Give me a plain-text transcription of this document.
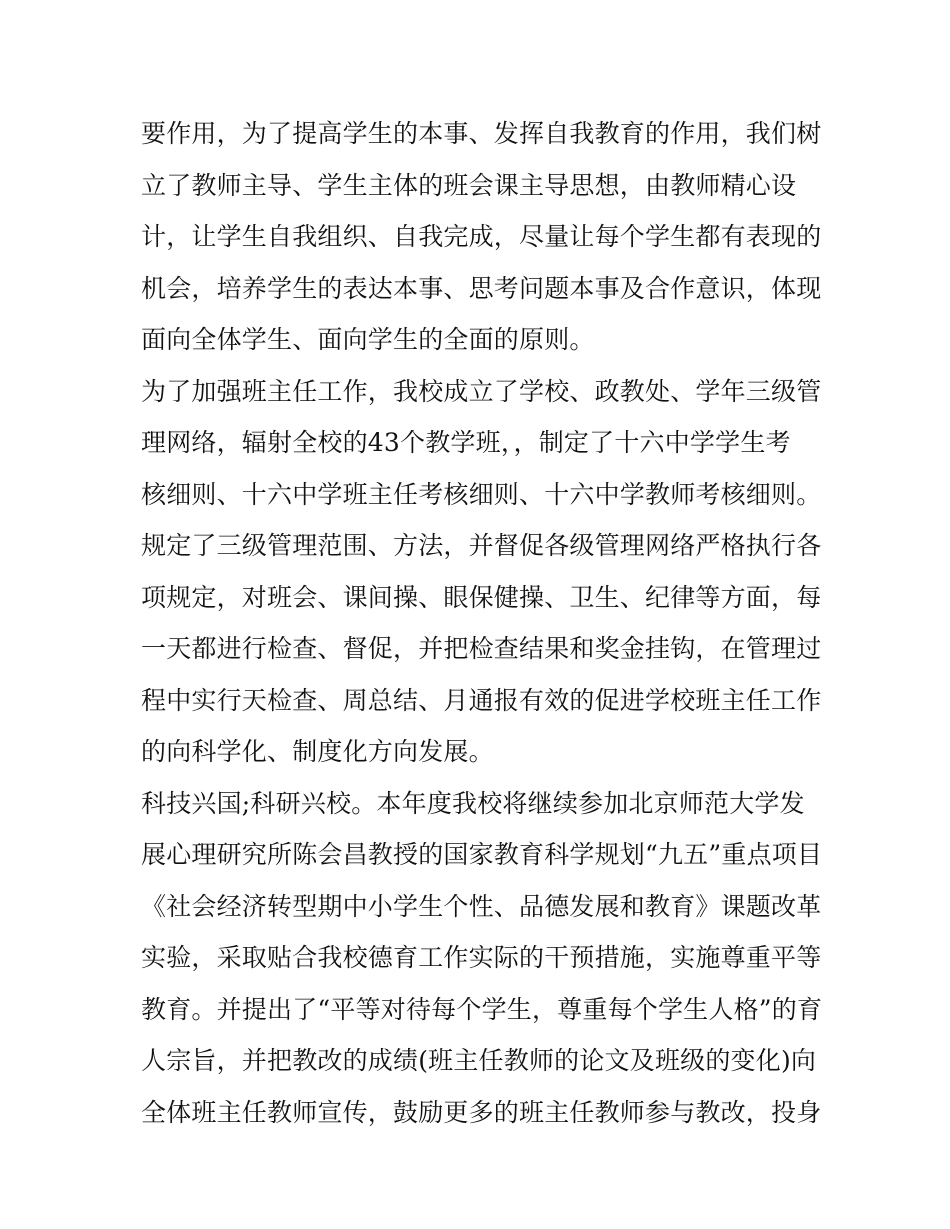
要作用，为了提高学生的本事、发挥自我教育的作用，我们树
立了教师主导、学生主体的班会课主导思想，由教师精心设
计，让学生自我组织、自我完成，尽量让每个学生都有表现的
机会，培养学生的表达本事、思考问题本事及合作意识，体现
面向全体学生、面向学生的全面的原则。
为了加强班主任工作，我校成立了学校、政教处、学年三级管
理网络，辐射全校的43个教学班，，制定了十六中学学生考
核细则、十六中学班主任考核细则、十六中学教师考核细则。
规定了三级管理范围、方法，并督促各级管理网络严格执行各
项规定，对班会、课间操、眼保健操、卫生、纪律等方面，每
一天都进行检查、督促，并把检查结果和奖金挂钩，在管理过
程中实行天检查、周总结、月通报有效的促进学校班主任工作
的向科学化、制度化方向发展。
科技兴国;科研兴校。本年度我校将继续参加北京师范大学发
展心理研究所陈会昌教授的国家教育科学规划“九五”重点项目
《社会经济转型期中小学生个性、品德发展和教育》课题改革
实验，采取贴合我校德育工作实际的干预措施，实施尊重平等
教育。并提出了“平等对待每个学生，尊重每个学生人格”的育
人宗旨，并把教改的成绩(班主任教师的论文及班级的变化)向
全体班主任教师宣传，鼓励更多的班主任教师参与教改，投身
